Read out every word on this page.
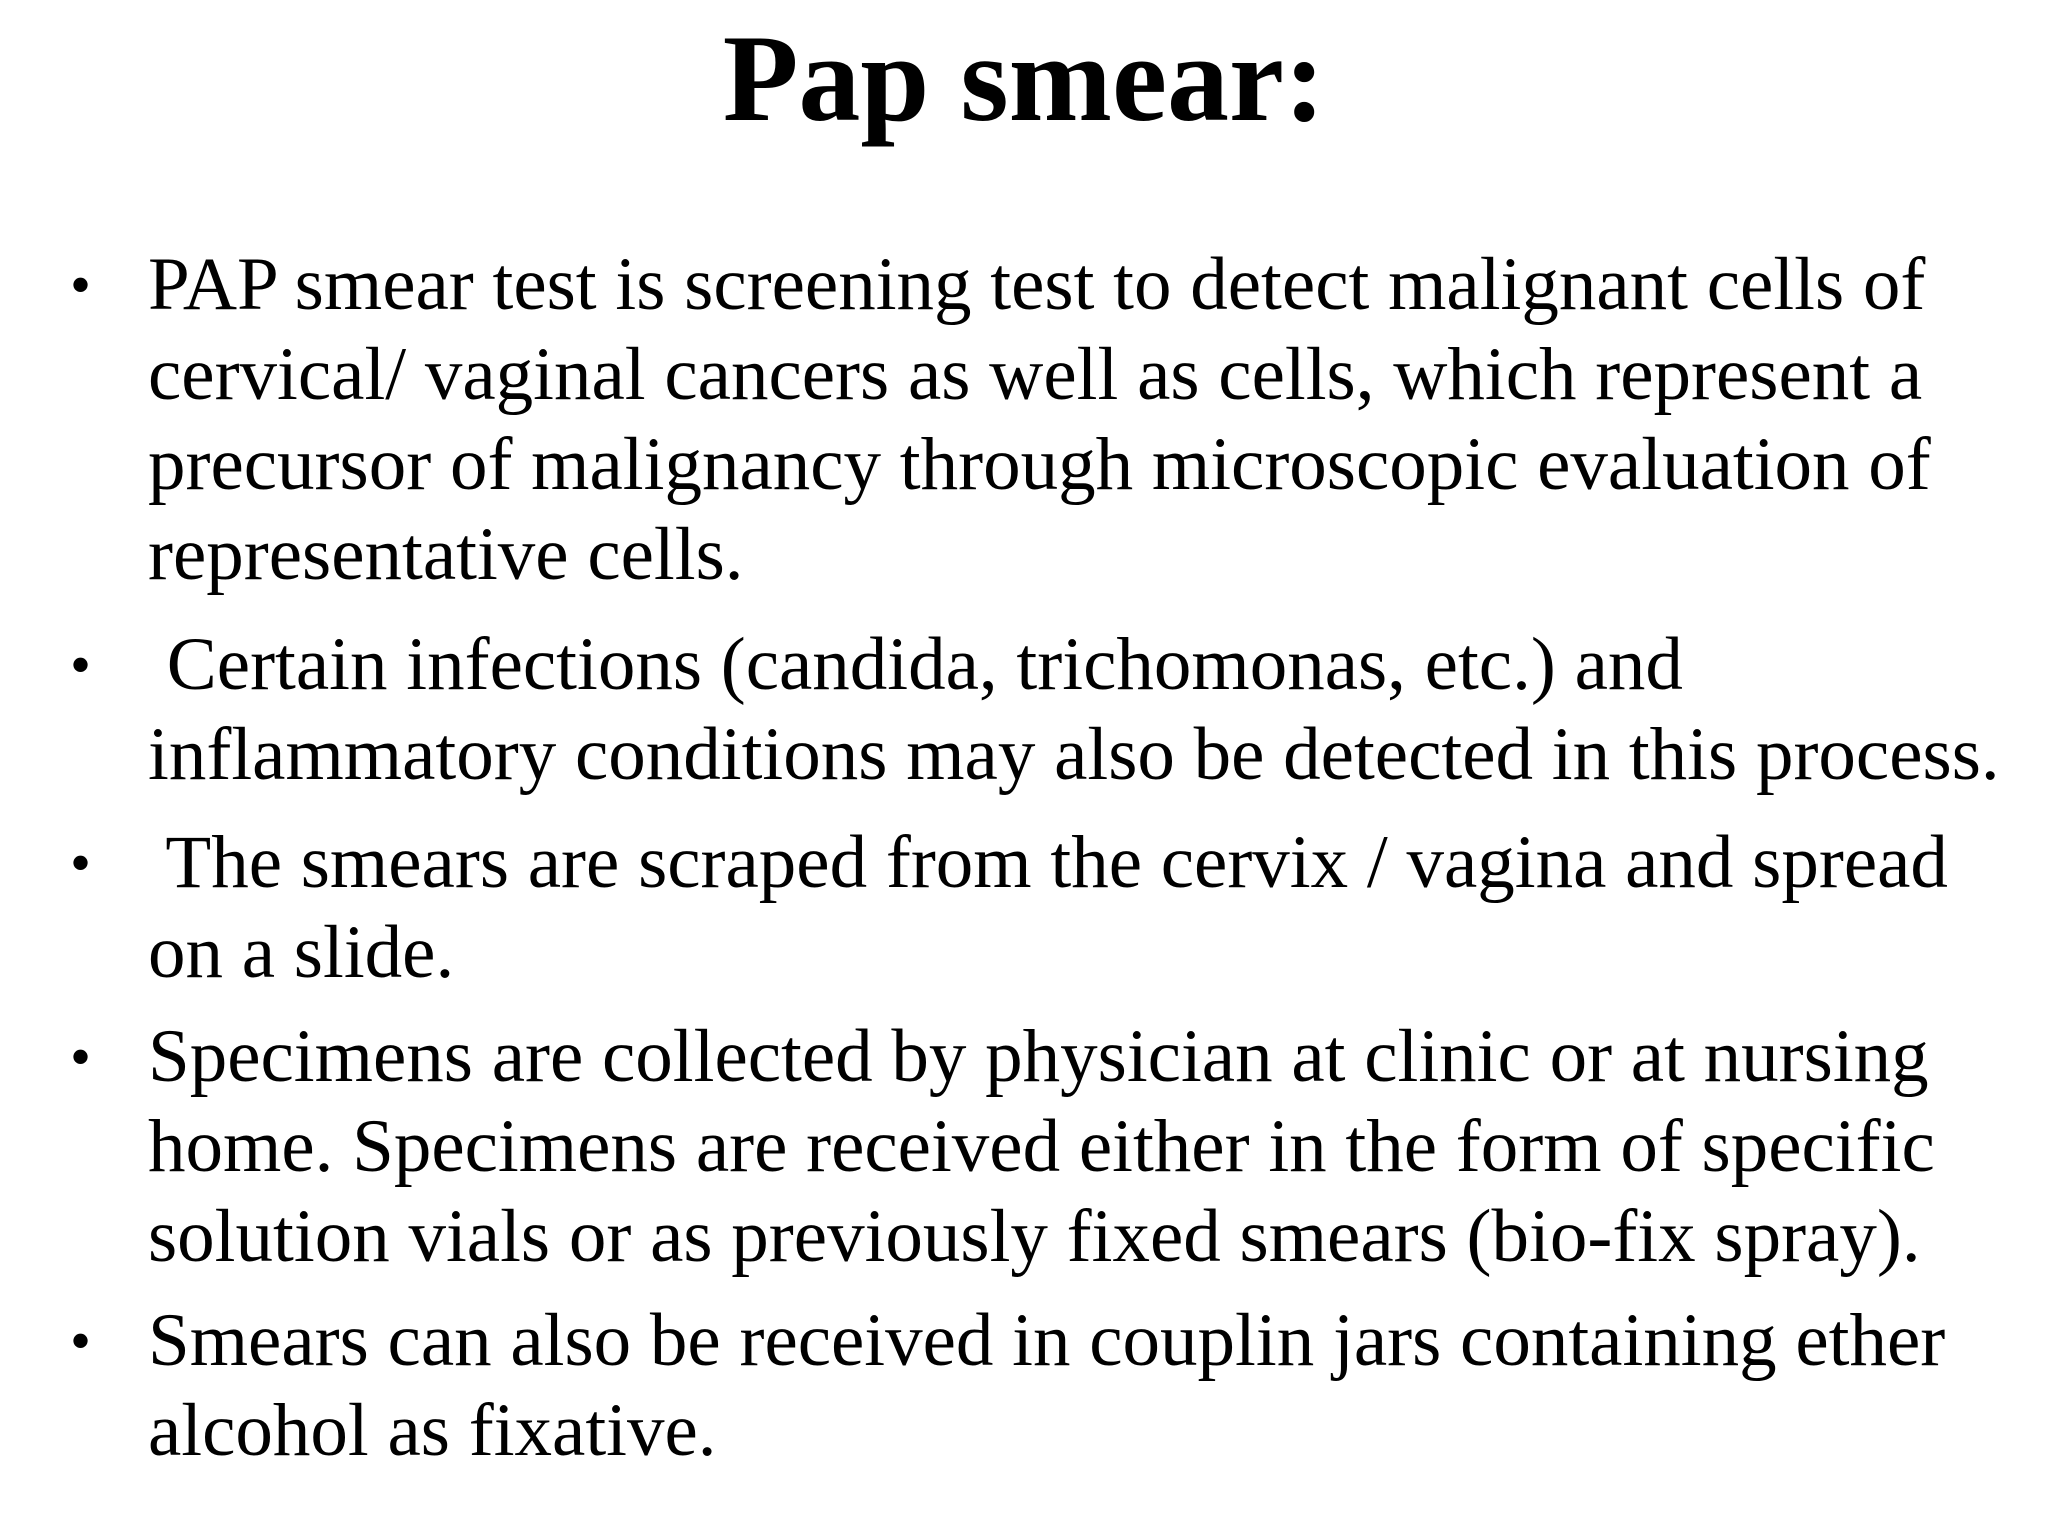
Pap smear:
• PAP smear test is screening test to detect malignant cells of
cervical/ vaginal cancers as well as cells, which represent a
precursor of malignancy through microscopic evaluation of
representative cells.
• Certain infections (candida, trichomonas, etc.) and
inflammatory conditions may also be detected in this process.
• The smears are scraped from the cervix / vagina and spread
on a slide.
• Specimens are collected by physician at clinic or at nursing
home. Specimens are received either in the form of specific
solution vials or as previously fixed smears (bio-fix spray).
• Smears can also be received in couplin jars containing ether
alcohol as fixative.
